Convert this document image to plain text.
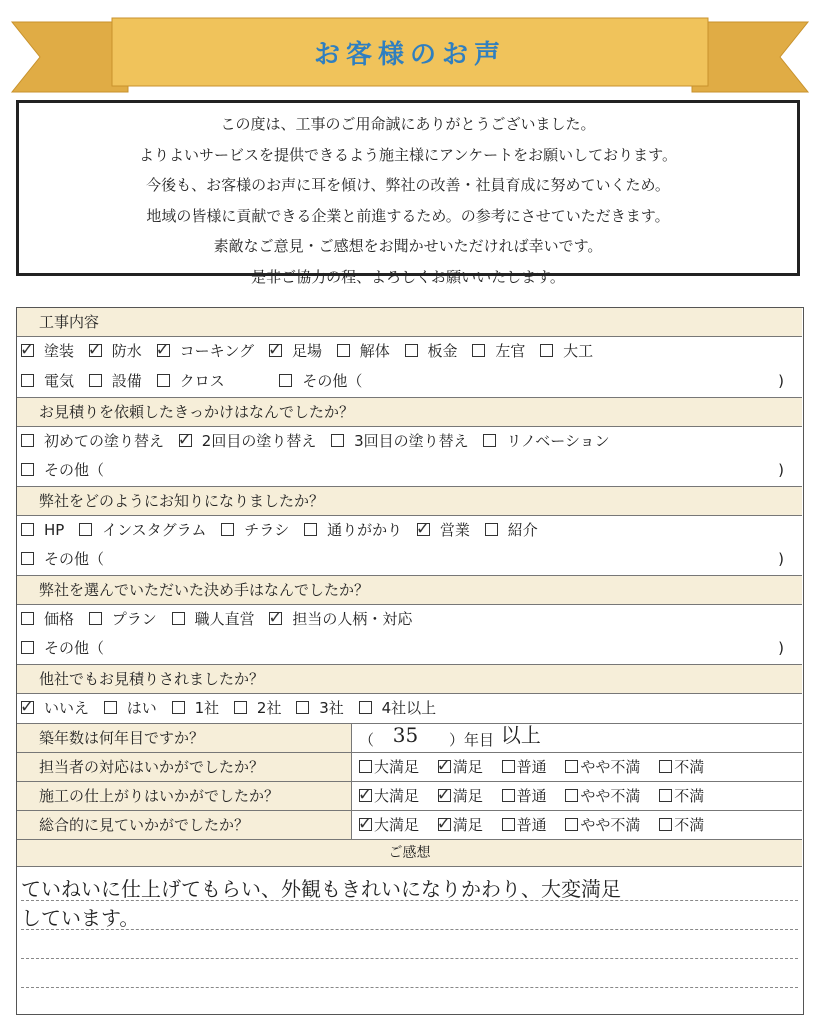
お客様のお声
この度は、工事のご用命誠にありがとうございました。
よりよいサービスを提供できるよう施主様にアンケートをお願いしております。
今後も、お客様のお声に耳を傾け、弊社の改善・社員育成に努めていくため。
地域の皆様に貢献できる企業と前進するため。の参考にさせていただきます。
素敵なご意見・ご感想をお聞かせいただければ幸いです。
是非ご協力の程、よろしくお願いいたします。
工事内容
✓塗装 ✓	防水 ✓	コーキング ✓	足場	解体	板金	左官	大工
電気	設備	クロス	その他（	)
お見積りを依頼したきっかけはなんでしたか？
初めての塗り替え ✓	2回目の塗り替え	3回目の塗り替え	リノベーション
その他（	)
弊社をどのようにお知りになりましたか？
HP	インスタグラム	チラシ	通りがかり ✓	営業	紹介
その他（	)
弊社を選んでいただいた決め手はなんでしたか？
価格	プラン	職人直営 ✓	担当の人柄・対応
その他（	)
他社でもお見積りされましたか？
✓いいえ	はい	1社	2社	3社	4社以上
築年数は何年目ですか？	（ 35 ）年目 以上
担当者の対応はいかがでしたか？	大満足 ✓ 満足 普通 やや不満 不満
施工の仕上がりはいかがでしたか？ ✓	大満足 ✓ 満足 普通 やや不満 不満
総合的に見ていかがでしたか？ ✓	大満足 ✓ 満足 普通 やや不満 不満
ご感想
ていねいに仕上げてもらい、外観もきれいになりかわり、大変満足
しています。
